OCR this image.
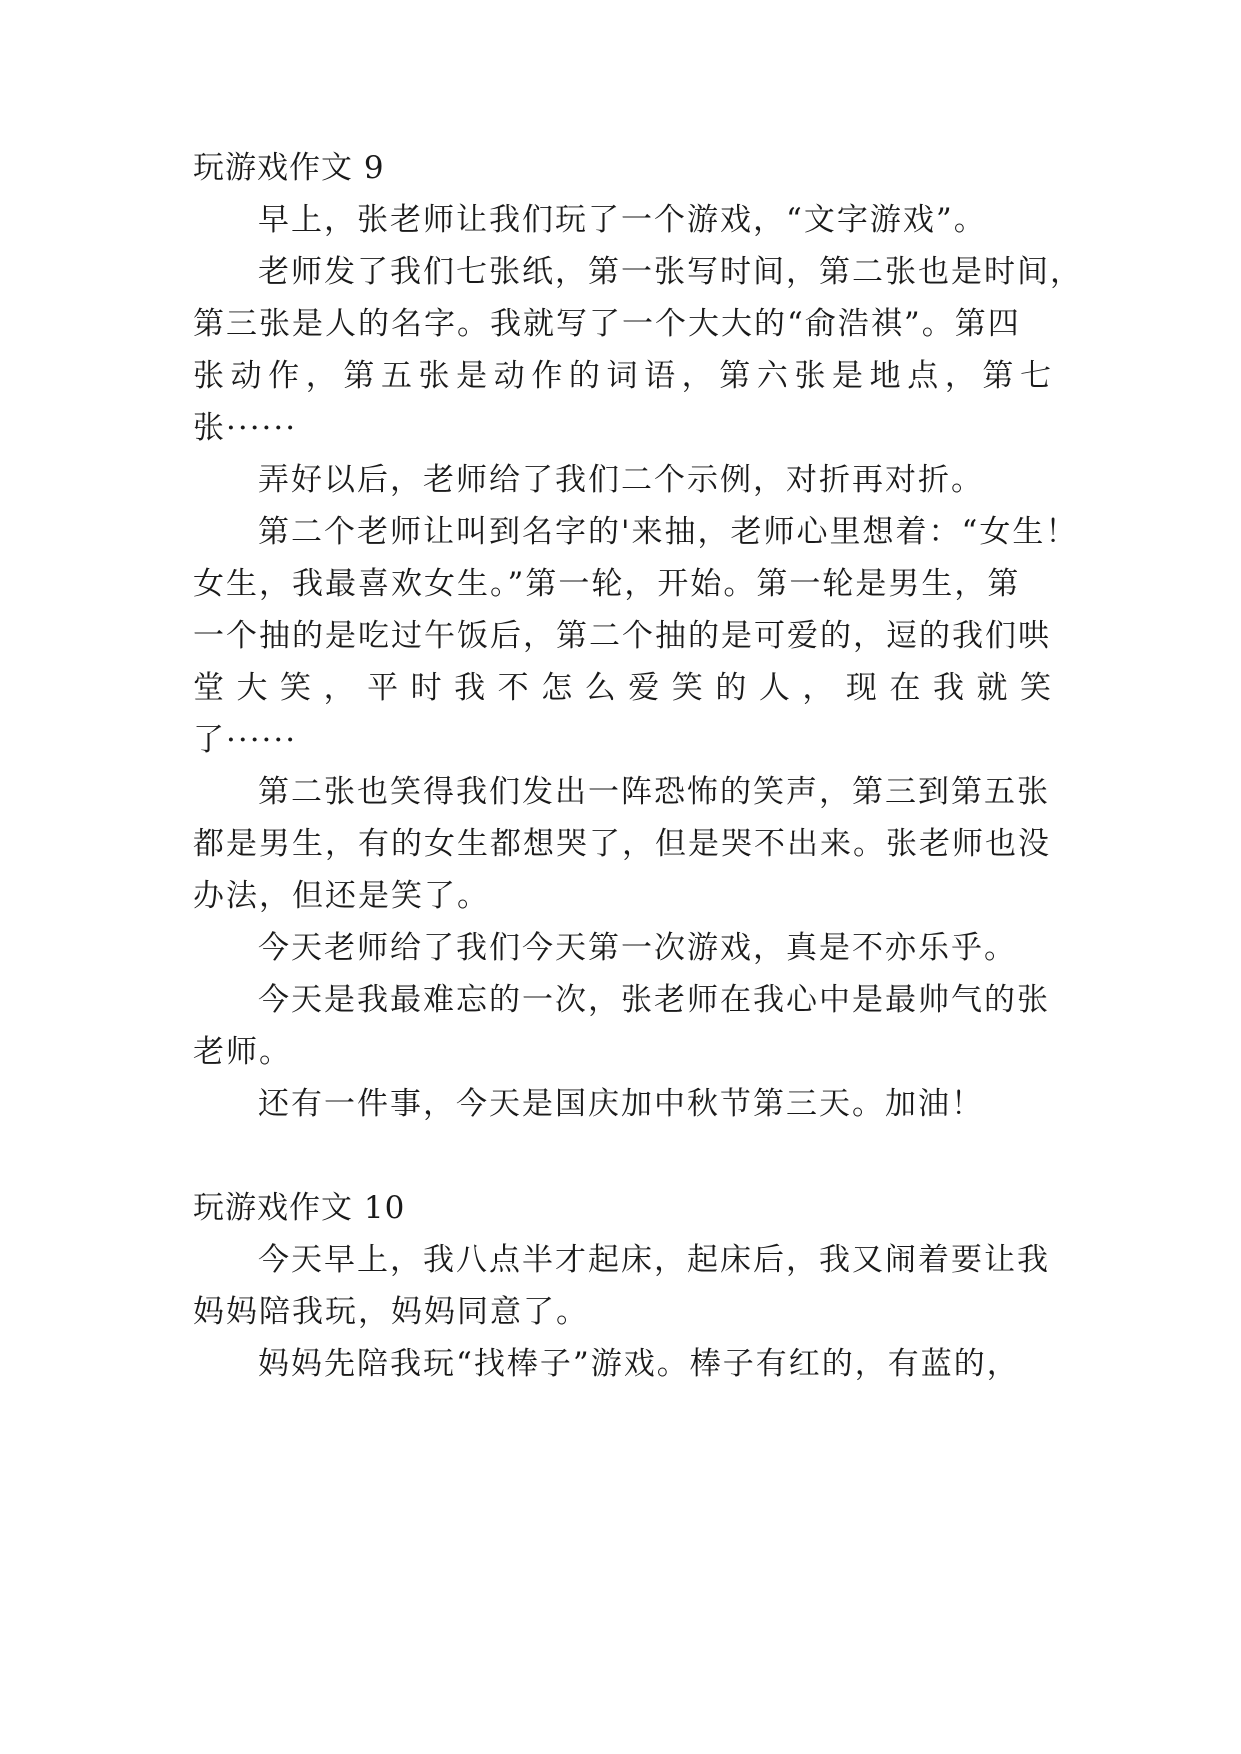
玩游戏作文 9
早上，张老师让我们玩了一个游戏，“文字游戏”。
老师发了我们七张纸，第一张写时间，第二张也是时间，
第三张是人的名字。我就写了一个大大的“俞浩祺”。第四
张动作，第五张是动作的词语，第六张是地点，第七
张······
弄好以后，老师给了我们二个示例，对折再对折。
第二个老师让叫到名字的'来抽，老师心里想着：“女生！
女生，我最喜欢女生。”第一轮，开始。第一轮是男生，第
一个抽的是吃过午饭后，第二个抽的是可爱的，逗的我们哄
堂大笑，平时我不怎么爱笑的人，现在我就笑
了······
第二张也笑得我们发出一阵恐怖的笑声，第三到第五张
都是男生，有的女生都想哭了，但是哭不出来。张老师也没
办法，但还是笑了。
今天老师给了我们今天第一次游戏，真是不亦乐乎。
今天是我最难忘的一次，张老师在我心中是最帅气的张
老师。
还有一件事，今天是国庆加中秋节第三天。加油！
玩游戏作文 10
今天早上，我八点半才起床，起床后，我又闹着要让我
妈妈陪我玩，妈妈同意了。
妈妈先陪我玩“找棒子”游戏。棒子有红的，有蓝的，
